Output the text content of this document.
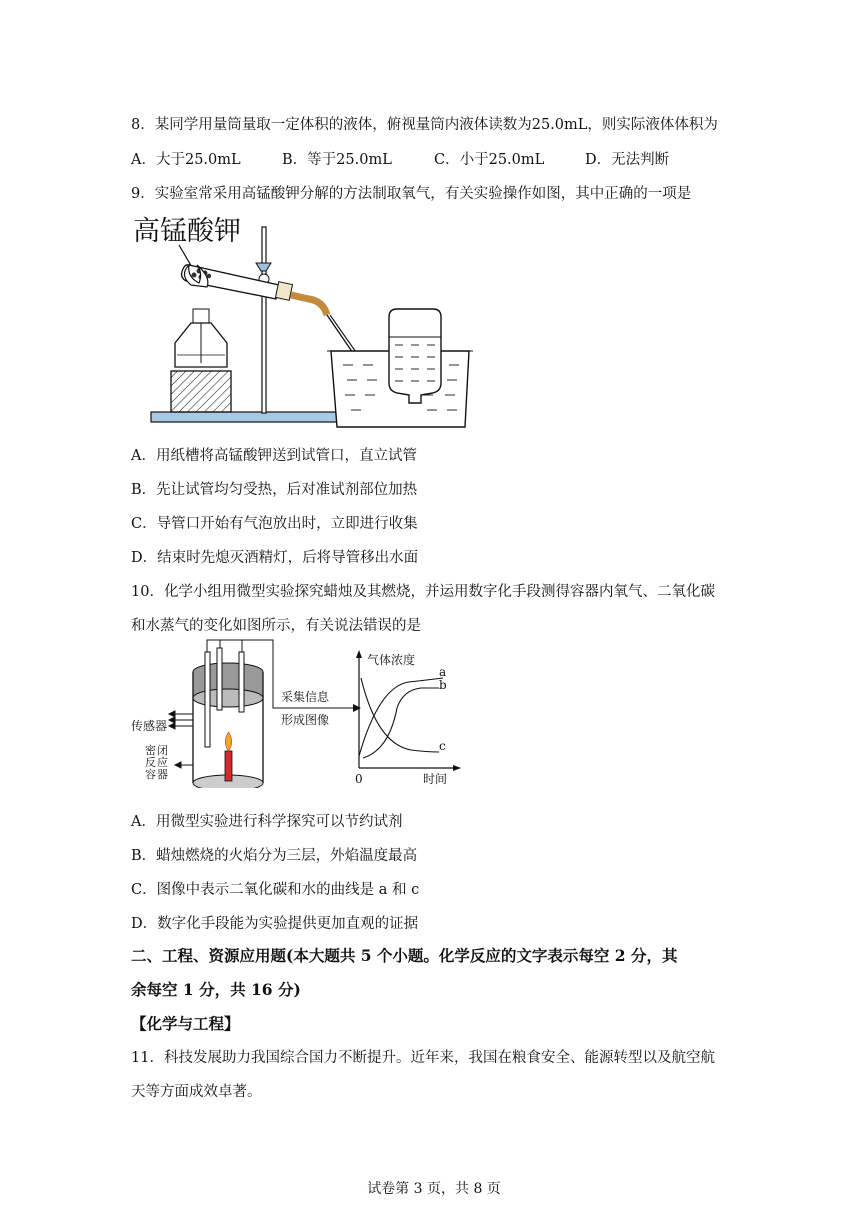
8．某同学用量筒量取一定体积的液体，俯视量筒内液体读数为25.0mL，则实际液体体积为
A．大于25.0mL	B．等于25.0mL	C．小于25.0mL	D．无法判断
9．实验室常采用高锰酸钾分解的方法制取氧气，有关实验操作如图，其中正确的一项是
高锰酸钾
A．用纸槽将高锰酸钾送到试管口，直立试管
B．先让试管均匀受热，后对准试剂部位加热
C．导管口开始有气泡放出时，立即进行收集
D．结束时先熄灭酒精灯，后将导管移出水面
10．化学小组用微型实验探究蜡烛及其燃烧，并运用数字化手段测得容器内氧气、二氧化碳
和水蒸气的变化如图所示，有关说法错误的是
传感器
密 闭
反 应
容 器
采集信息
形成图像
气体浓度
时间
0
a
b
c
A．用微型实验进行科学探究可以节约试剂
B．蜡烛燃烧的火焰分为三层，外焰温度最高
C．图像中表示二氧化碳和水的曲线是 a 和 c
D．数字化手段能为实验提供更加直观的证据
二、工程、资源应用题(本大题共 5 个小题。化学反应的文字表示每空 2 分，其
余每空 1 分，共 16 分)
【化学与工程】
11．科技发展助力我国综合国力不断提升。近年来，我国在粮食安全、能源转型以及航空航
天等方面成效卓著。
试卷第 3 页，共 8 页
